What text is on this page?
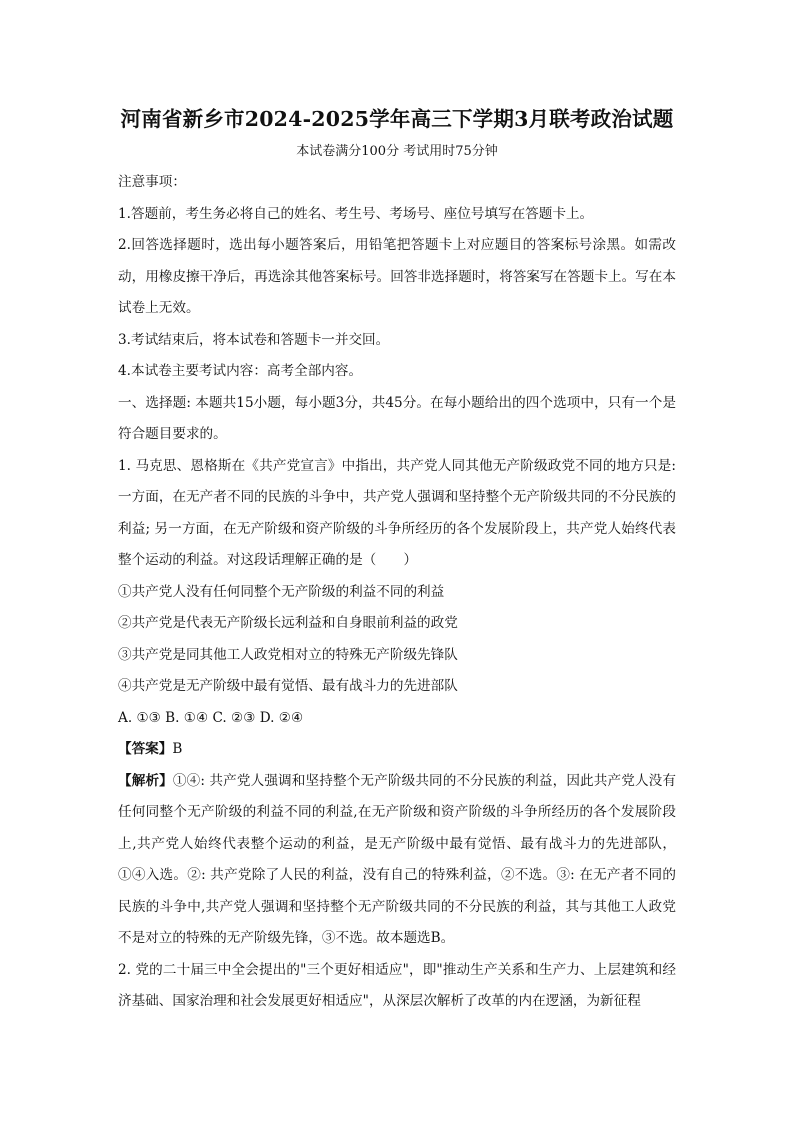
河南省新乡市2024-2025学年高三下学期3月联考政治试题
本试卷满分100分 考试用时75分钟

注意事项：

1.答题前，考生务必将自己的姓名、考生号、考场号、座位号填写在答题卡上。

2.回答选择题时，选出每小题答案后，用铅笔把答题卡上对应题目的答案标号涂黑。如需改动，用橡皮擦干净后，再选涂其他答案标号。回答非选择题时，将答案写在答题卡上。写在本试卷上无效。

3.考试结束后，将本试卷和答题卡一并交回。

4.本试卷主要考试内容：高考全部内容。

一、选择题: 本题共15小题，每小题3分，共45分。在每小题给出的四个选项中，只有一个是符合题目要求的。

1. 马克思、恩格斯在《共产党宣言》中指出，共产党人同其他无产阶级政党不同的地方只是: 一方面，在无产者不同的民族的斗争中，共产党人强调和坚持整个无产阶级共同的不分民族的利益; 另一方面，在无产阶级和资产阶级的斗争所经历的各个发展阶段上，共产党人始终代表整个运动的利益。对这段话理解正确的是（　　）

①共产党人没有任何同整个无产阶级的利益不同的利益

②共产党是代表无产阶级长远利益和自身眼前利益的政党

③共产党是同其他工人政党相对立的特殊无产阶级先锋队

④共产党是无产阶级中最有觉悟、最有战斗力的先进部队

A. ①③ B. ①④ C. ②③ D. ②④

【答案】B

【解析】①④: 共产党人强调和坚持整个无产阶级共同的不分民族的利益，因此共产党人没有任何同整个无产阶级的利益不同的利益,在无产阶级和资产阶级的斗争所经历的各个发展阶段上,共产党人始终代表整个运动的利益，是无产阶级中最有觉悟、最有战斗力的先进部队，①④入选。②: 共产党除了人民的利益，没有自己的特殊利益，②不选。③: 在无产者不同的民族的斗争中,共产党人强调和坚持整个无产阶级共同的不分民族的利益，其与其他工人政党不是对立的特殊的无产阶级先锋，③不选。故本题选B。

2. 党的二十届三中全会提出的"三个更好相适应"，即"推动生产关系和生产力、上层建筑和经济基础、国家治理和社会发展更好相适应"，从深层次解析了改革的内在逻涵，为新征程
